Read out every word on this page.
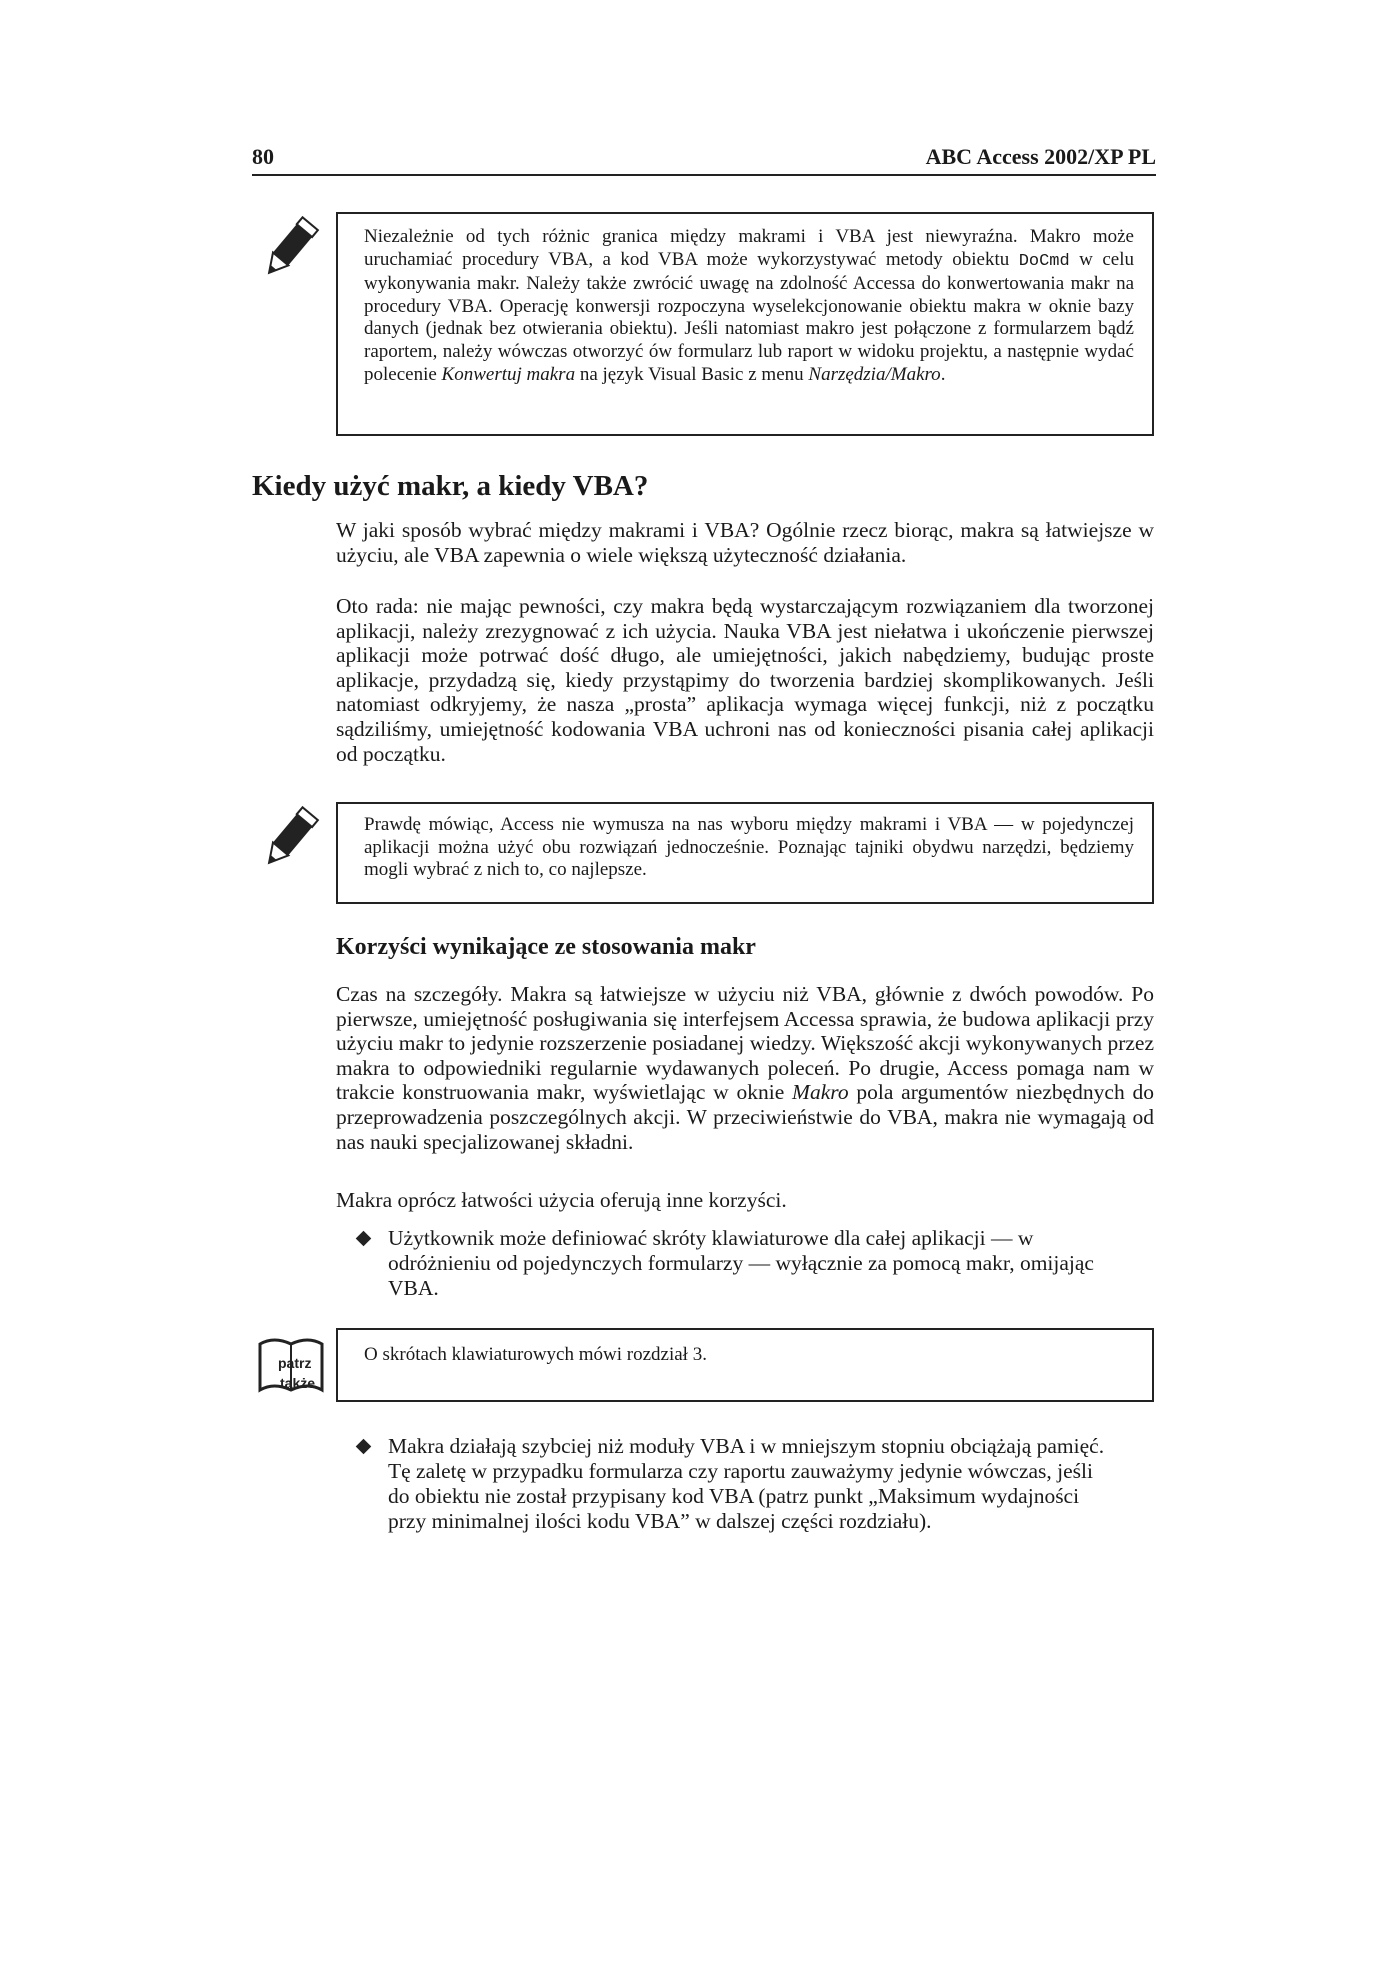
80	ABC Access 2002/XP PL
Niezależnie od tych różnic granica między makrami i VBA jest niewyraźna. Makro może uruchamiać procedury VBA, a kod VBA może wykorzystywać metody obiektu DoCmd w celu wykonywania makr. Należy także zwrócić uwagę na zdolność Accessa do konwertowania makr na procedury VBA. Operację konwersji rozpoczyna wyselekcjonowanie obiektu makra w oknie bazy danych (jednak bez otwierania obiektu). Jeśli natomiast makro jest połączone z formularzem bądź raportem, należy wówczas otworzyć ów formularz lub raport w widoku projektu, a następnie wydać polecenie Konwertuj makra na język Visual Basic z menu Narzędzia/Makro.
Kiedy użyć makr, a kiedy VBA?

W jaki sposób wybrać między makrami i VBA? Ogólnie rzecz biorąc, makra są łatwiejsze w użyciu, ale VBA zapewnia o wiele większą użyteczność działania.

Oto rada: nie mając pewności, czy makra będą wystarczającym rozwiązaniem dla tworzonej aplikacji, należy zrezygnować z ich użycia. Nauka VBA jest niełatwa i ukończenie pierwszej aplikacji może potrwać dość długo, ale umiejętności, jakich nabędziemy, budując proste aplikacje, przydadzą się, kiedy przystąpimy do tworzenia bardziej skomplikowanych. Jeśli natomiast odkryjemy, że nasza „prosta” aplikacja wymaga więcej funkcji, niż z początku sądziliśmy, umiejętność kodowania VBA uchroni nas od konieczności pisania całej aplikacji od początku.

Prawdę mówiąc, Access nie wymusza na nas wyboru między makrami i VBA — w pojedynczej aplikacji można użyć obu rozwiązań jednocześnie. Poznając tajniki obydwu narzędzi, będziemy mogli wybrać z nich to, co najlepsze.
Korzyści wynikające ze stosowania makr

Czas na szczegóły. Makra są łatwiejsze w użyciu niż VBA, głównie z dwóch powodów. Po pierwsze, umiejętność posługiwania się interfejsem Accessa sprawia, że budowa aplikacji przy użyciu makr to jedynie rozszerzenie posiadanej wiedzy. Większość akcji wykonywanych przez makra to odpowiedniki regularnie wydawanych poleceń. Po drugie, Access pomaga nam w trakcie konstruowania makr, wyświetlając w oknie Makro pola argumentów niezbędnych do przeprowadzenia poszczególnych akcji. W przeciwieństwie do VBA, makra nie wymagają od nas nauki specjalizowanej składni.

Makra oprócz łatwości użycia oferują inne korzyści.

Użytkownik może definiować skróty klawiaturowe dla całej aplikacji — w odróżnieniu od pojedynczych formularzy — wyłącznie za pomocą makr, omijając VBA.
patrz
także
O skrótach klawiaturowych mówi rozdział 3.
Makra działają szybciej niż moduły VBA i w mniejszym stopniu obciążają pamięć. Tę zaletę w przypadku formularza czy raportu zauważymy jedynie wówczas, jeśli do obiektu nie został przypisany kod VBA (patrz punkt „Maksimum wydajności przy minimalnej ilości kodu VBA” w dalszej części rozdziału).
